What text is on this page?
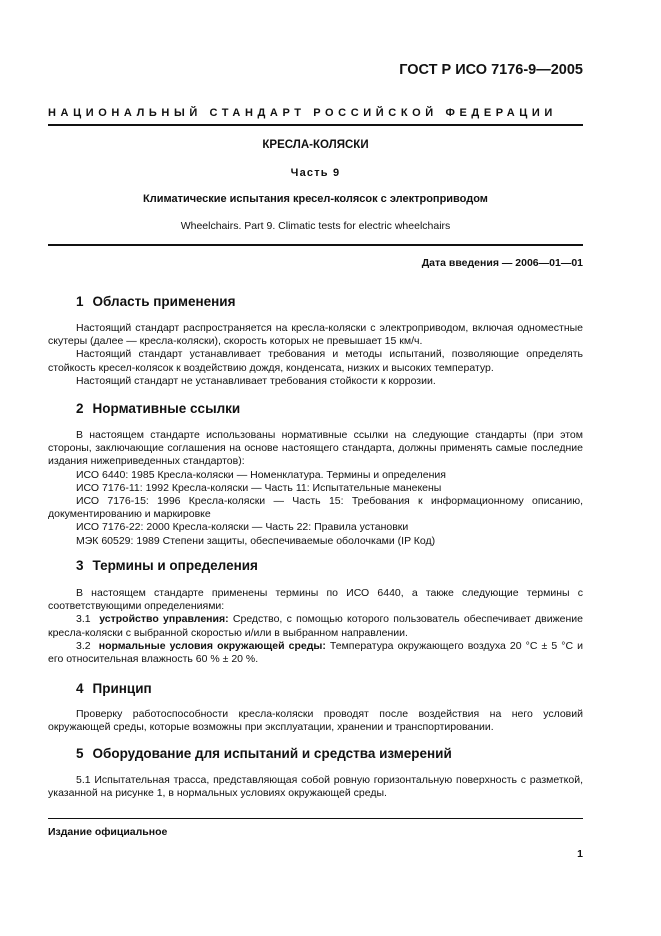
ГОСТ Р ИСО 7176-9—2005
НАЦИОНАЛЬНЫЙ СТАНДАРТ РОССИЙСКОЙ ФЕДЕРАЦИИ
КРЕСЛА-КОЛЯСКИ
Часть 9
Климатические испытания кресел-колясок с электроприводом
Wheelchairs. Part 9. Climatic tests for electric wheelchairs
Дата введения — 2006—01—01
1 Область применения

Настоящий стандарт распространяется на кресла-коляски с электроприводом, включая одноместные скутеры (далее — кресла-коляски), скорость которых не превышает 15 км/ч.

Настоящий стандарт устанавливает требования и методы испытаний, позволяющие определять стойкость кресел-колясок к воздействию дождя, конденсата, низких и высоких температур.

Настоящий стандарт не устанавливает требования стойкости к коррозии.

2 Нормативные ссылки

В настоящем стандарте использованы нормативные ссылки на следующие стандарты (при этом стороны, заключающие соглашения на основе настоящего стандарта, должны применять самые последние издания нижеприведенных стандартов):

ИСО 6440: 1985 Кресла-коляски — Номенклатура. Термины и определения

ИСО 7176-11: 1992 Кресла-коляски — Часть 11: Испытательные манекены

ИСО 7176-15: 1996 Кресла-коляски — Часть 15: Требования к информационному описанию, документированию и маркировке

ИСО 7176-22: 2000 Кресла-коляски — Часть 22: Правила установки

МЭК 60529: 1989 Степени защиты, обеспечиваемые оболочками (IP Код)

3 Термины и определения

В настоящем стандарте применены термины по ИСО 6440, а также следующие термины с соответствующими определениями:

3.1 устройство управления: Средство, с помощью которого пользователь обеспечивает движение кресла-коляски с выбранной скоростью и/или в выбранном направлении.

3.2 нормальные условия окружающей среды: Температура окружающего воздуха 20 °С ± 5 °С и его относительная влажность 60 % ± 20 %.

4 Принцип

Проверку работоспособности кресла-коляски проводят после воздействия на него условий окружающей среды, которые возможны при эксплуатации, хранении и транспортировании.

5 Оборудование для испытаний и средства измерений

5.1 Испытательная трасса, представляющая собой ровную горизонтальную поверхность с разметкой, указанной на рисунке 1, в нормальных условиях окружающей среды.

Издание официальное
1
